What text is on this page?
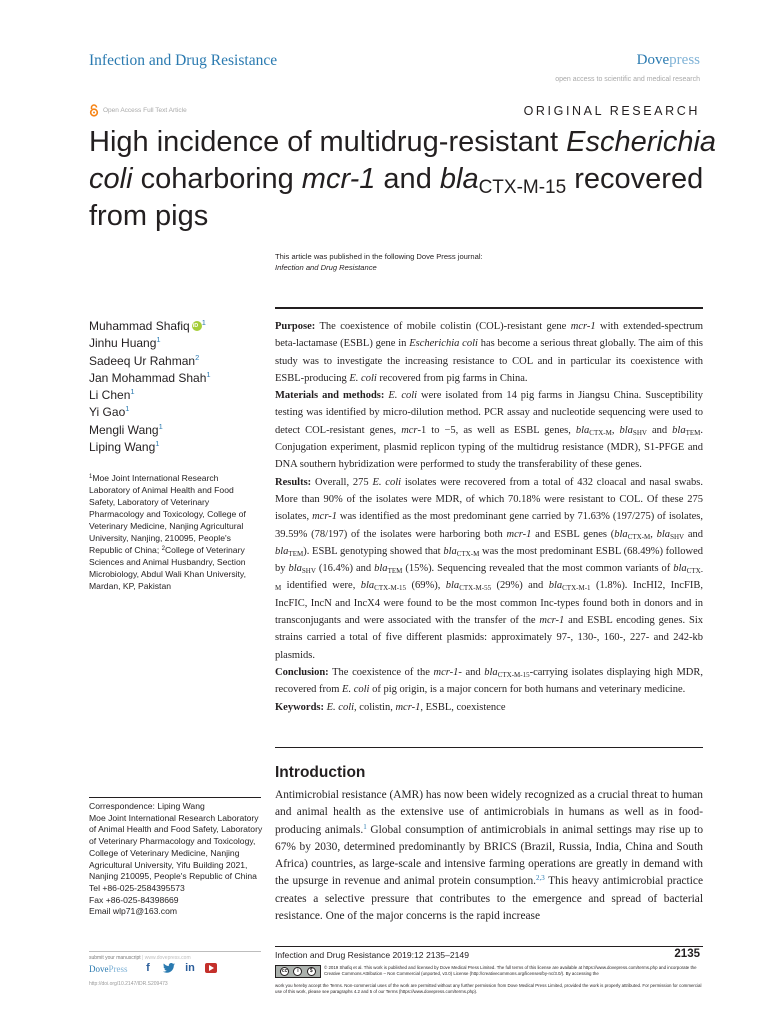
Infection and Drug Resistance	Dovepress
open access to scientific and medical research
Open Access Full Text Article	ORIGINAL RESEARCH
High incidence of multidrug-resistant Escherichia coli coharboring mcr-1 and bla$_{CTX-M-15}$ recovered from pigs
This article was published in the following Dove Press journal:
Infection and Drug Resistance
Muhammad ShafiqiD $^1$
Jinhu Huang$^1$
Sadeeq Ur Rahman$^2$
Jan Mohammad Shah$^1$
Li Chen$^1$
Yi Gao$^1$
Mengli Wang$^1$
Liping Wang$^1$
$^1$Moe Joint International Research Laboratory of Animal Health and Food Safety, Laboratory of Veterinary Pharmacology and Toxicology, College of Veterinary Medicine, Nanjing Agricultural University, Nanjing, 210095, People's Republic of China; $^2$College of Veterinary Sciences and Animal Husbandry, Section Microbiology, Abdul Wali Khan University, Mardan, KP, Pakistan

Purpose: The coexistence of mobile colistin (COL)-resistant gene mcr-1 with extended-spectrum beta-lactamase (ESBL) gene in Escherichia coli has become a serious threat globally. The aim of this study was to investigate the increasing resistance to COL and in particular its coexistence with ESBL-producing E. coli recovered from pig farms in China.

Materials and methods: E. coli were isolated from 14 pig farms in Jiangsu China. Susceptibility testing was identified by micro-dilution method. PCR assay and nucleotide sequencing were used to detect COL-resistant genes, mcr-1 to −5, as well as ESBL genes, bla$_{CTX-M}$, bla$_{SHV}$ and bla$_{TEM}$. Conjugation experiment, plasmid replicon typing of the multidrug resistance (MDR), S1-PFGE and DNA southern hybridization were performed to study the transferability of these genes.

Results: Overall, 275 E. coli isolates were recovered from a total of 432 cloacal and nasal swabs. More than 90% of the isolates were MDR, of which 70.18% were resistant to COL. Of these 275 isolates, mcr-1 was identified as the most predominant gene carried by 71.63% (197/275) of isolates, 39.59% (78/197) of the isolates were harboring both mcr-1 and ESBL genes (bla$_{CTX-M}$, bla$_{SHV}$ and bla$_{TEM}$). ESBL genotyping showed that bla$_{CTX-M}$ was the most predominant ESBL (68.49%) followed by bla$_{SHV}$ (16.4%) and bla$_{TEM}$ (15%). Sequencing revealed that the most common variants of bla$_{CTX-M}$ identified were, bla$_{CTX-M-15}$ (69%), bla$_{CTX-M-55}$ (29%) and bla$_{CTX-M-1}$ (1.8%). IncHI2, IncFIB, IncFIC, IncN and IncX4 were found to be the most common Inc-types found both in donors and in transconjugants and were associated with the transfer of the mcr-1 and ESBL encoding genes. Six strains carried a total of five different plasmids: approximately 97-, 130-, 160-, 227- and 242-kb plasmids.

Conclusion: The coexistence of the mcr-1- and bla$_{CTX-M-15}$-carrying isolates displaying high MDR, recovered from E. coli of pig origin, is a major concern for both humans and veterinary medicine.

Keywords: E. coli, colistin, mcr-1, ESBL, coexistence

Introduction
Antimicrobial resistance (AMR) has now been widely recognized as a crucial threat to human and animal health as the extensive use of antimicrobials in humans as well as in food-producing animals.$^1$ Global consumption of antimicrobials in animal settings may rise up to 67% by 2030, determined predominantly by BRICS (Brazil, Russia, India, China and South Africa) countries, as large-scale and intensive farming operations are greatly in demand with the upsurge in revenue and animal protein consumption.$^{2,3}$ This heavy antimicrobial practice creates a selective pressure that contributes to the emergence and spread of bacterial resistance. One of the major concerns is the rapid increase
Correspondence: Liping Wang
Moe Joint International Research Laboratory of Animal Health and Food Safety, Laboratory of Veterinary Pharmacology and Toxicology, College of Veterinary Medicine, Nanjing Agricultural University, Yifu Building 2021, Nanjing 210095, People's Republic of China
Tel +86-025-2584395573
Fax +86-025-84398669
Email wlp71@163.com
submit your manuscript | www.dovepress.com
DovePress	f	in
http://doi.org/10.2147/IDR.S209473
Infection and Drug Resistance 2019:12 2135–2149	2135
cc	i	$
© 2019 Shafiq et al. This work is published and licensed by Dove Medical Press Limited. The full terms of this license are available at https://www.dovepress.com/terms.php and incorporate the Creative Commons Attribution – Non Commercial (unported, v3.0) License (http://creativecommons.org/licenses/by-nc/3.0/). By accessing the
work you hereby accept the Terms. Non-commercial uses of the work are permitted without any further permission from Dove Medical Press Limited, provided the work is properly attributed. For permission for commercial use of this work, please see paragraphs 4.2 and 5 of our Terms (https://www.dovepress.com/terms.php).
